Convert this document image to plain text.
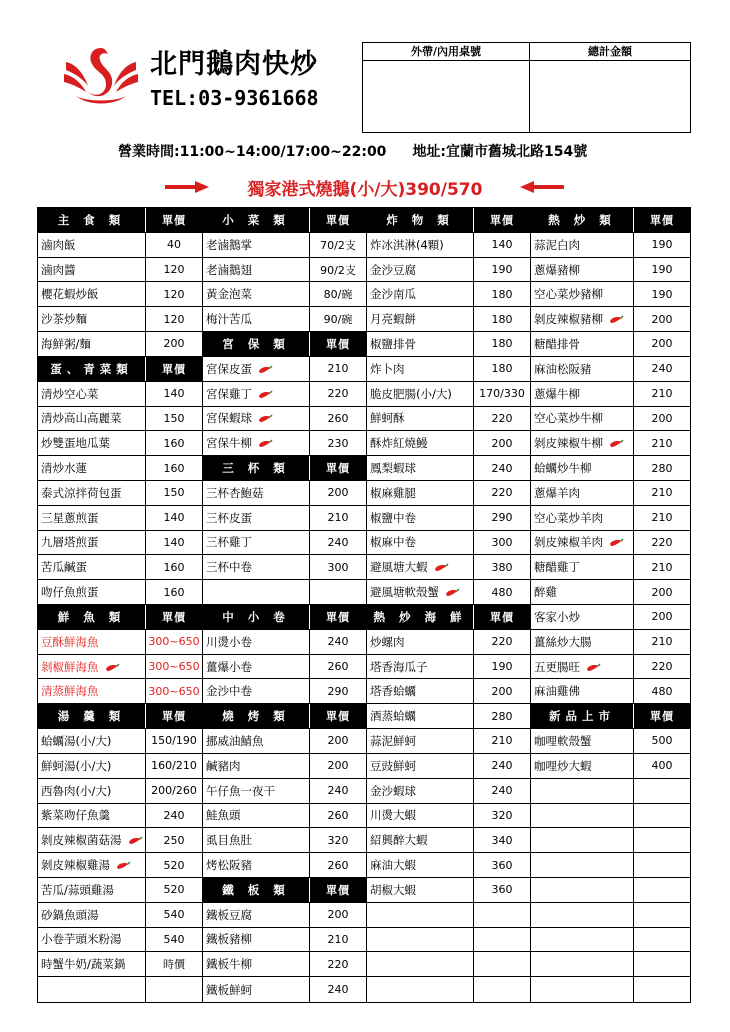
北門鵝肉快炒
TEL:03-9361668
外帶/內用桌號	總計金額
營業時間:11:00~14:00/17:00~22:00 地址:宜蘭市舊城北路154號
獨家港式燒鵝(小/大)390/570
主 食 類	單價
滷肉飯	40
滷肉醬	120
櫻花蝦炒飯	120
沙茶炒麵	120
海鮮粥/麵	200
蛋、青菜類	單價
清炒空心菜	140
清炒高山高麗菜	150
炒雙蛋地瓜葉	160
清炒水蓮	160
泰式涼拌荷包蛋	150
三星蔥煎蛋	140
九層塔煎蛋	140
苦瓜鹹蛋	160
吻仔魚煎蛋	160
鮮 魚 類	單價
豆酥鮮海魚	300~650
剝椒鮮海魚	300~650
清蒸鮮海魚	300~650
湯 羹 類	單價
蛤蠣湯(小/大)	150/190
鮮蚵湯(小/大)	160/210
西魯肉(小/大)	200/260
紫菜吻仔魚羹	240
剝皮辣椒菌菇湯	250
剝皮辣椒雞湯	520
苦瓜/蒜頭雞湯	520
砂鍋魚頭湯	540
小卷芋頭米粉湯	540
時蟹牛奶/蔬菜鍋	時價
小 菜 類	單價
老滷鵝掌	70/2支
老滷鵝翅	90/2支
黃金泡菜	80/碗
梅汁苦瓜	90/碗
宮 保 類	單價
宮保皮蛋	210
宮保雞丁	220
宮保蝦球	260
宮保牛柳	230
三 杯 類	單價
三杯杏鮑菇	200
三杯皮蛋	210
三杯雞丁	240
三杯中卷	300
中 小 卷	單價
川燙小卷	240
薑爆小卷	260
金沙中卷	290
燒 烤 類	單價
挪威油鯖魚	200
鹹豬肉	200
午仔魚一夜干	240
鮭魚頭	260
虱目魚肚	320
烤松阪豬	260
鐵 板 類	單價
鐵板豆腐	200
鐵板豬柳	210
鐵板牛柳	220
鐵板鮮蚵	240
炸 物 類	單價
炸冰淇淋(4顆)	140
金沙豆腐	190
金沙南瓜	180
月亮蝦餅	180
椒鹽排骨	180
炸卜肉	180
脆皮肥腸(小/大)	170/330
鮮蚵酥	220
酥炸紅燒鰻	200
鳳梨蝦球	240
椒麻雞腿	220
椒鹽中卷	290
椒麻中卷	300
避風塘大蝦	380
避風塘軟殼蟹	480
熱 炒 海 鮮	單價
炒螺肉	220
塔香海瓜子	190
塔香蛤蠣	200
酒蒸蛤蠣	280
蒜泥鮮蚵	210
豆豉鮮蚵	240
金沙蝦球	240
川燙大蝦	320
紹興醉大蝦	340
麻油大蝦	360
胡椒大蝦	360
熱 炒 類	單價
蒜泥白肉	190
蔥爆豬柳	190
空心菜炒豬柳	190
剝皮辣椒豬柳	200
糖醋排骨	200
麻油松阪豬	240
蔥爆牛柳	210
空心菜炒牛柳	200
剝皮辣椒牛柳	210
蛤蠣炒牛柳	280
蔥爆羊肉	210
空心菜炒羊肉	210
剝皮辣椒羊肉	220
糖醋雞丁	210
醉雞	200
客家小炒	200
薑絲炒大腸	210
五更腸旺	220
麻油雞佛	480
新品上市	單價
咖哩軟殼蟹	500
咖哩炒大蝦	400
